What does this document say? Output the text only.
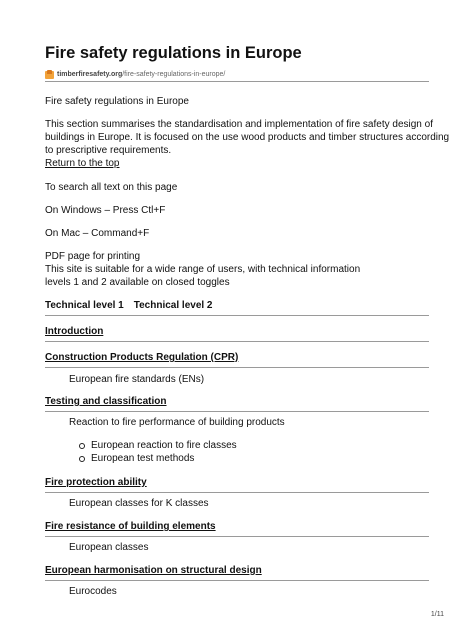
Fire safety regulations in Europe
timberfiresafety.org /fire-safety-regulations-in-europe/
Fire safety regulations in Europe
This section summarises the standardisation and implementation of fire safety design of
buildings in Europe. It is focused on the use wood products and timber structures according
to prescriptive requirements.
Return to the top
To search all text on this page
On Windows – Press Ctl+F
On Mac – Command+F
PDF page for printing
This site is suitable for a wide range of users, with technical information
levels 1 and 2 available on closed toggles
Technical level 1 Technical level 2
Introduction
Construction Products Regulation (CPR)
European fire standards (ENs)
Testing and classification
Reaction to fire performance of building products
European reaction to fire classes
European test methods
Fire protection ability
European classes for K classes
Fire resistance of building elements
European classes
European harmonisation on structural design
Eurocodes
1/11
